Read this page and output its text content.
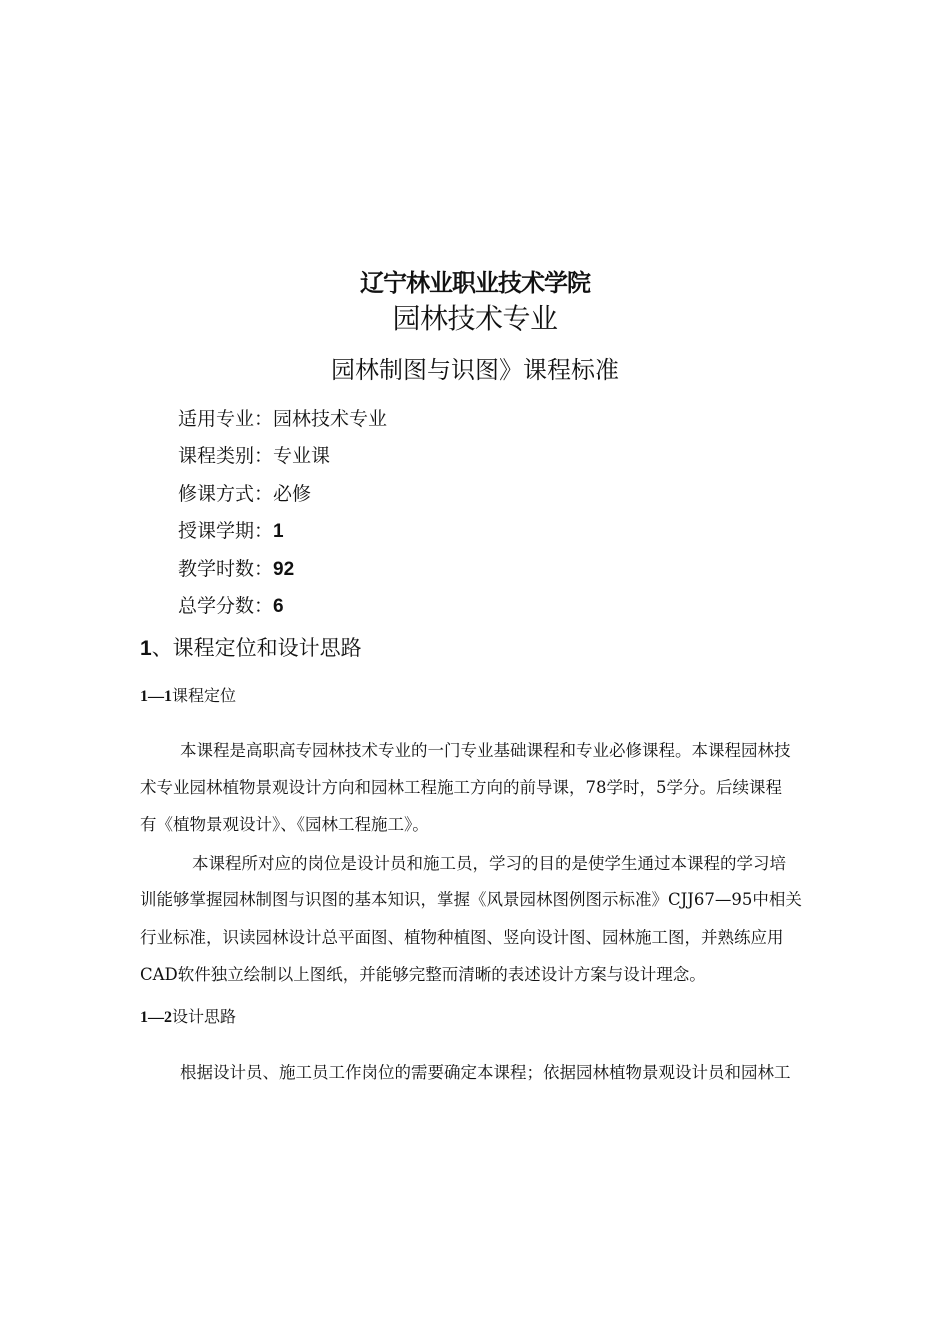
辽宁林业职业技术学院
园林技术专业
园林制图与识图》课程标准
适用专业：园林技术专业
课程类别：专业课
修课方式：必修
授课学期：1
教学时数：92
总学分数：6
1、课程定位和设计思路
1—1课程定位
本课程是高职高专园林技术专业的一门专业基础课程和专业必修课程。本课程园林技
术专业园林植物景观设计方向和园林工程施工方向的前导课，78学时，5学分。后续课程
有《植物景观设计》、《园林工程施工》。
本课程所对应的岗位是设计员和施工员，学习的目的是使学生通过本课程的学习培
训能够掌握园林制图与识图的基本知识，掌握《风景园林图例图示标准》CJJ67—95中相关
行业标准，识读园林设计总平面图、植物种植图、竖向设计图、园林施工图，并熟练应用
CAD软件独立绘制以上图纸，并能够完整而清晰的表述设计方案与设计理念。
1—2设计思路
根据设计员、施工员工作岗位的需要确定本课程；依据园林植物景观设计员和园林工
